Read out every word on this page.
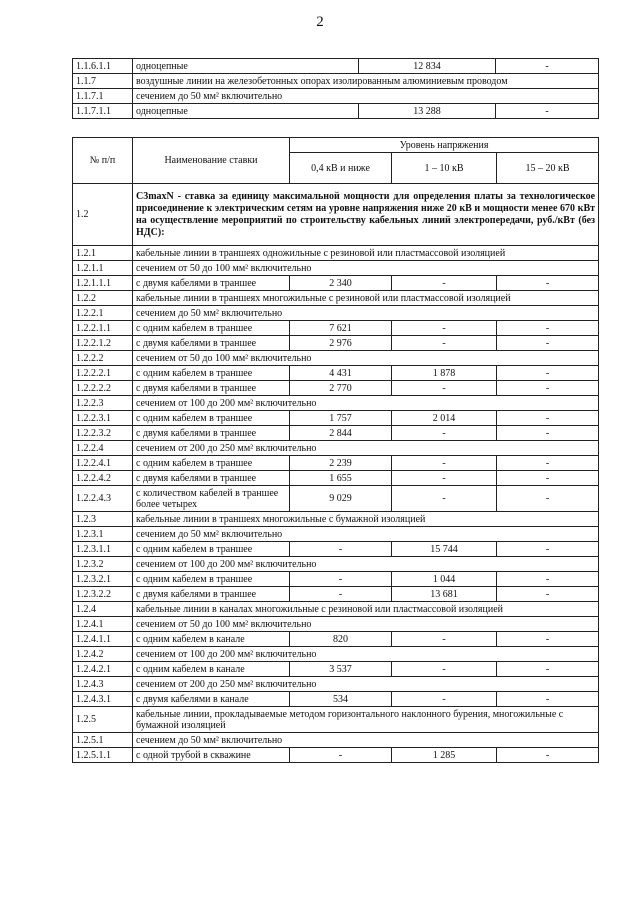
2
1.1.6.1.1	одноцепные	12 834	-
1.1.7	воздушные линии на железобетонных опорах изолированным алюминиевым проводом		
1.1.7.1	сечением до 50 мм² включительно		
1.1.7.1.1	одноцепные	13 288	-
№ п/п	Наименование ставки	Уровень напряжения		
		0,4 кВ и ниже	1 – 10 кВ	15 – 20 кВ
1.2	С3maxN - ставка за единицу максимальной мощности для определения платы за технологическое присоединение к электрическим сетям на уровне напряжения ниже 20 кВ и мощности менее 670 кВт на осуществление мероприятий по строительству кабельных линий электропередачи, руб./кВт (без НДС):			
1.2.1	кабельные линии в траншеях одножильные с резиновой или пластмассовой изоляцией			
1.2.1.1	сечением от 50 до 100 мм² включительно			
1.2.1.1.1	с двумя кабелями в траншее	2 340	-	-
1.2.2	кабельные линии в траншеях многожильные с резиновой или пластмассовой изоляцией			
1.2.2.1	сечением до 50 мм² включительно			
1.2.2.1.1	с одним кабелем в траншее	7 621	-	-
1.2.2.1.2	с двумя кабелями в траншее	2 976	-	-
1.2.2.2	сечением от 50 до 100 мм² включительно			
1.2.2.2.1	с одним кабелем в траншее	4 431	1 878	-
1.2.2.2.2	с двумя кабелями в траншее	2 770	-	-
1.2.2.3	сечением от 100 до 200 мм² включительно			
1.2.2.3.1	с одним кабелем в траншее	1 757	2 014	-
1.2.2.3.2	с двумя кабелями в траншее	2 844	-	-
1.2.2.4	сечением от 200 до 250 мм² включительно			
1.2.2.4.1	с одним кабелем в траншее	2 239	-	-
1.2.2.4.2	с двумя кабелями в траншее	1 655	-	-
1.2.2.4.3	с количеством кабелей в траншее более четырех	9 029	-	-
1.2.3	кабельные линии в траншеях многожильные с бумажной изоляцией			
1.2.3.1	сечением до 50 мм² включительно			
1.2.3.1.1	с одним кабелем в траншее	-	15 744	-
1.2.3.2	сечением от 100 до 200 мм² включительно			
1.2.3.2.1	с одним кабелем в траншее	-	1 044	-
1.2.3.2.2	с двумя кабелями в траншее	-	13 681	-
1.2.4	кабельные линии в каналах многожильные с резиновой или пластмассовой изоляцией			
1.2.4.1	сечением от 50 до 100 мм² включительно			
1.2.4.1.1	с одним кабелем в канале	820	-	-
1.2.4.2	сечением от 100 до 200 мм² включительно			
1.2.4.2.1	с одним кабелем в канале	3 537	-	-
1.2.4.3	сечением от 200 до 250 мм² включительно			
1.2.4.3.1	с двумя кабелями в канале	534	-	-
1.2.5	кабельные линии, прокладываемые методом горизонтального наклонного бурения, многожильные с бумажной изоляцией			
1.2.5.1	сечением до 50 мм² включительно			
1.2.5.1.1	с одной трубой в скважине	-	1 285	-
